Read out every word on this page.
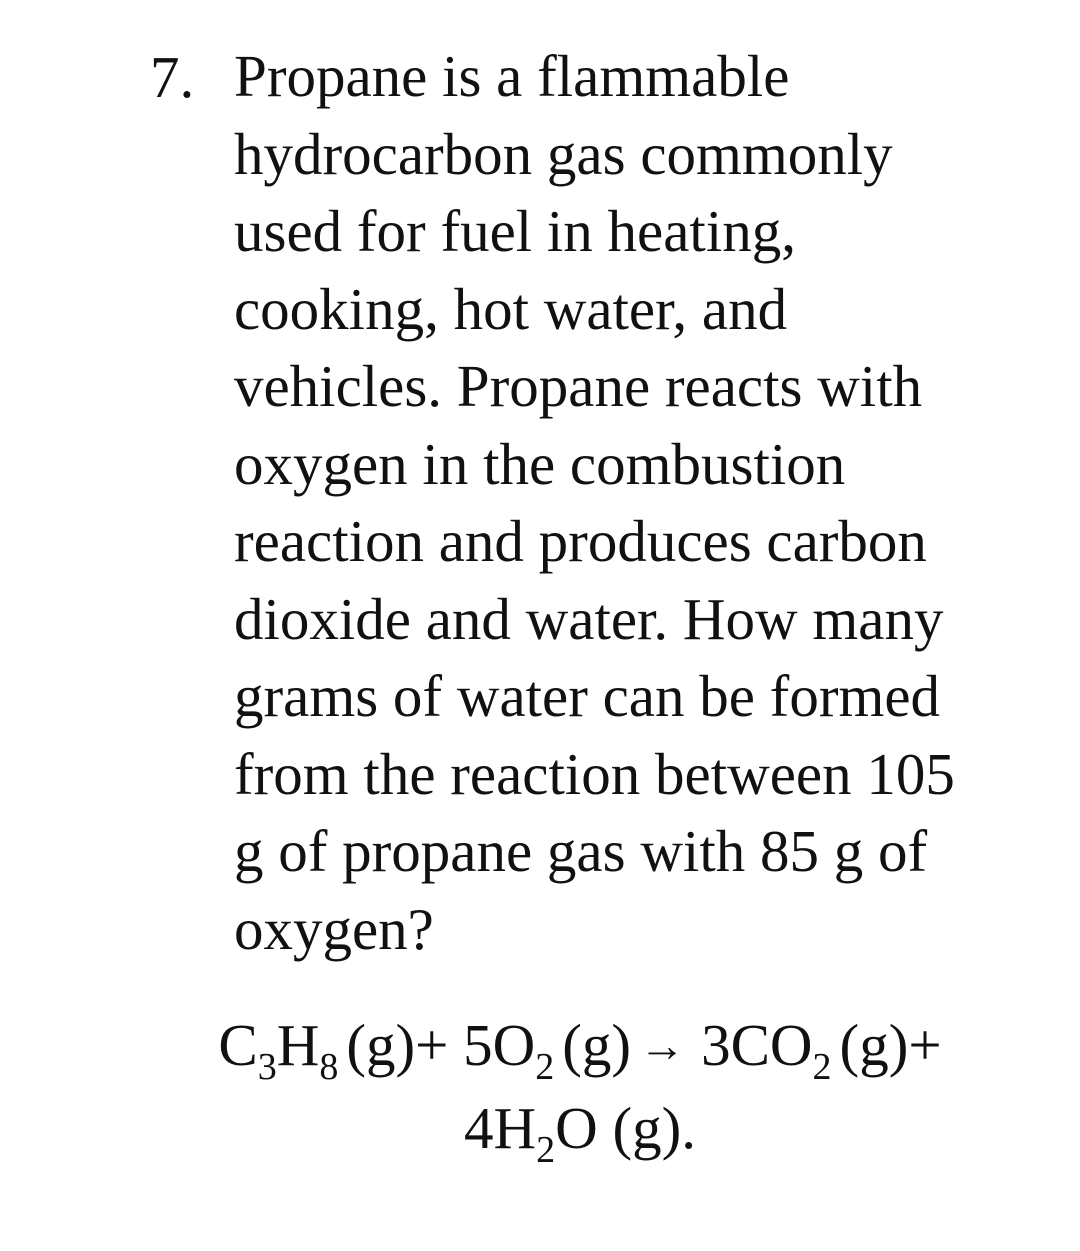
7. Propane is a flammable
hydrocarbon gas commonly
used for fuel in heating,
cooking, hot water, and
vehicles. Propane reacts with
oxygen in the combustion
reaction and produces carbon
dioxide and water. How many
grams of water can be formed
from the reaction between 105
g of propane gas with 85 g of
oxygen?
$C_3H_8$ $(g)+ 5O_2$ $(g) \to 3CO_2$ (g)+
$4H_2O$ (g).
